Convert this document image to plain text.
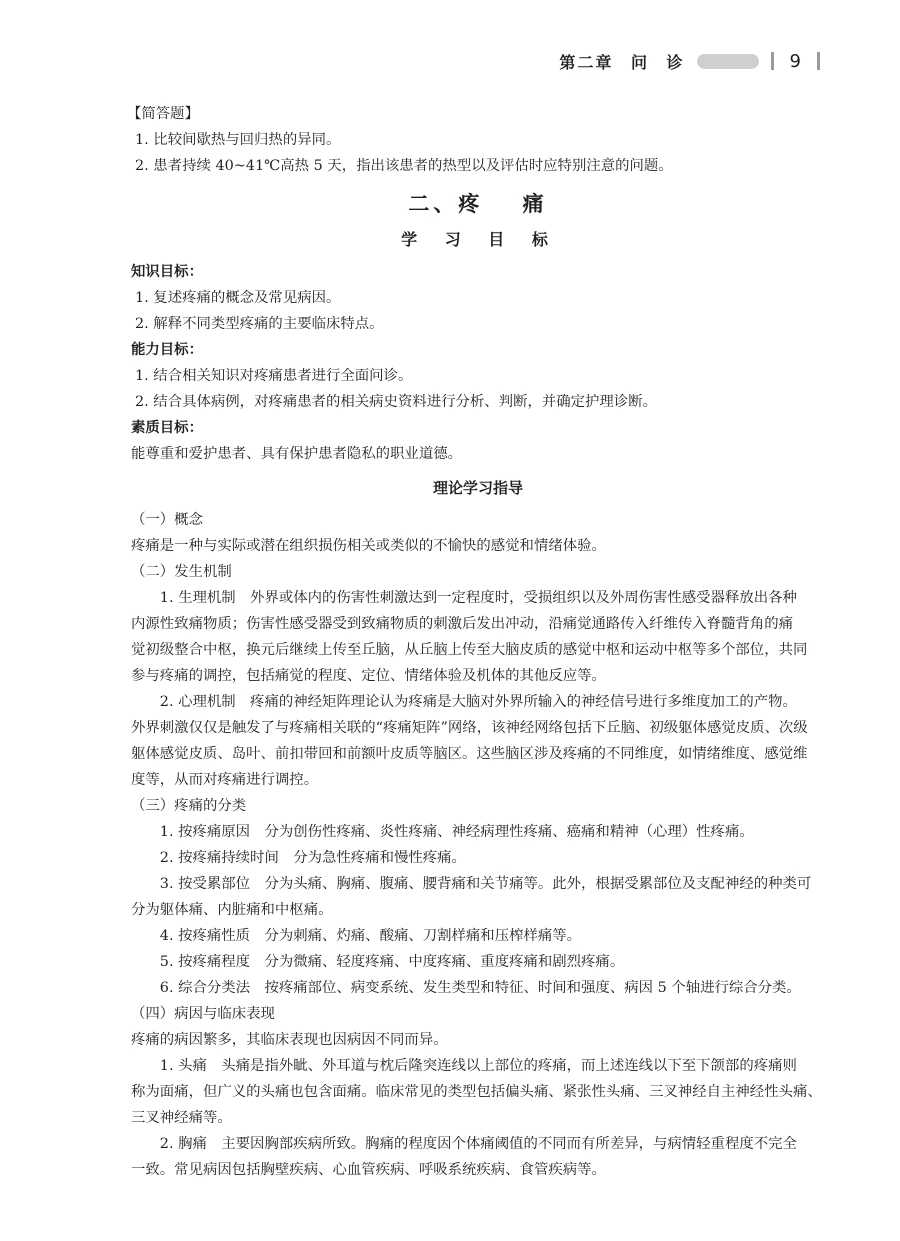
第二章 问 诊	9
【简答题】
1. 比较间歇热与回归热的异同。
2. 患者持续 40~41℃高热 5 天，指出该患者的热型以及评估时应特别注意的问题。
二、疼 痛
学 习 目 标
知识目标：
1. 复述疼痛的概念及常见病因。
2. 解释不同类型疼痛的主要临床特点。
能力目标：
1. 结合相关知识对疼痛患者进行全面问诊。
2. 结合具体病例，对疼痛患者的相关病史资料进行分析、判断，并确定护理诊断。
素质目标：
能尊重和爱护患者、具有保护患者隐私的职业道德。
理论学习指导
（一）概念
疼痛是一种与实际或潜在组织损伤相关或类似的不愉快的感觉和情绪体验。
（二）发生机制
1. 生理机制　外界或体内的伤害性刺激达到一定程度时，受损组织以及外周伤害性感受器释放出各种
内源性致痛物质；伤害性感受器受到致痛物质的刺激后发出冲动，沿痛觉通路传入纤维传入脊髓背角的痛
觉初级整合中枢，换元后继续上传至丘脑，从丘脑上传至大脑皮质的感觉中枢和运动中枢等多个部位，共同
参与疼痛的调控，包括痛觉的程度、定位、情绪体验及机体的其他反应等。
2. 心理机制　疼痛的神经矩阵理论认为疼痛是大脑对外界所输入的神经信号进行多维度加工的产物。
外界刺激仅仅是触发了与疼痛相关联的“疼痛矩阵”网络，该神经网络包括下丘脑、初级躯体感觉皮质、次级
躯体感觉皮质、岛叶、前扣带回和前额叶皮质等脑区。这些脑区涉及疼痛的不同维度，如情绪维度、感觉维
度等，从而对疼痛进行调控。
（三）疼痛的分类
1. 按疼痛原因　分为创伤性疼痛、炎性疼痛、神经病理性疼痛、癌痛和精神（心理）性疼痛。
2. 按疼痛持续时间　分为急性疼痛和慢性疼痛。
3. 按受累部位　分为头痛、胸痛、腹痛、腰背痛和关节痛等。此外，根据受累部位及支配神经的种类可
分为躯体痛、内脏痛和中枢痛。
4. 按疼痛性质　分为刺痛、灼痛、酸痛、刀割样痛和压榨样痛等。
5. 按疼痛程度　分为微痛、轻度疼痛、中度疼痛、重度疼痛和剧烈疼痛。
6. 综合分类法　按疼痛部位、病变系统、发生类型和特征、时间和强度、病因 5 个轴进行综合分类。
（四）病因与临床表现
疼痛的病因繁多，其临床表现也因病因不同而异。
1. 头痛　头痛是指外眦、外耳道与枕后隆突连线以上部位的疼痛，而上述连线以下至下颌部的疼痛则
称为面痛，但广义的头痛也包含面痛。临床常见的类型包括偏头痛、紧张性头痛、三叉神经自主神经性头痛、
三叉神经痛等。
2. 胸痛　主要因胸部疾病所致。胸痛的程度因个体痛阈值的不同而有所差异，与病情轻重程度不完全
一致。常见病因包括胸壁疾病、心血管疾病、呼吸系统疾病、食管疾病等。
